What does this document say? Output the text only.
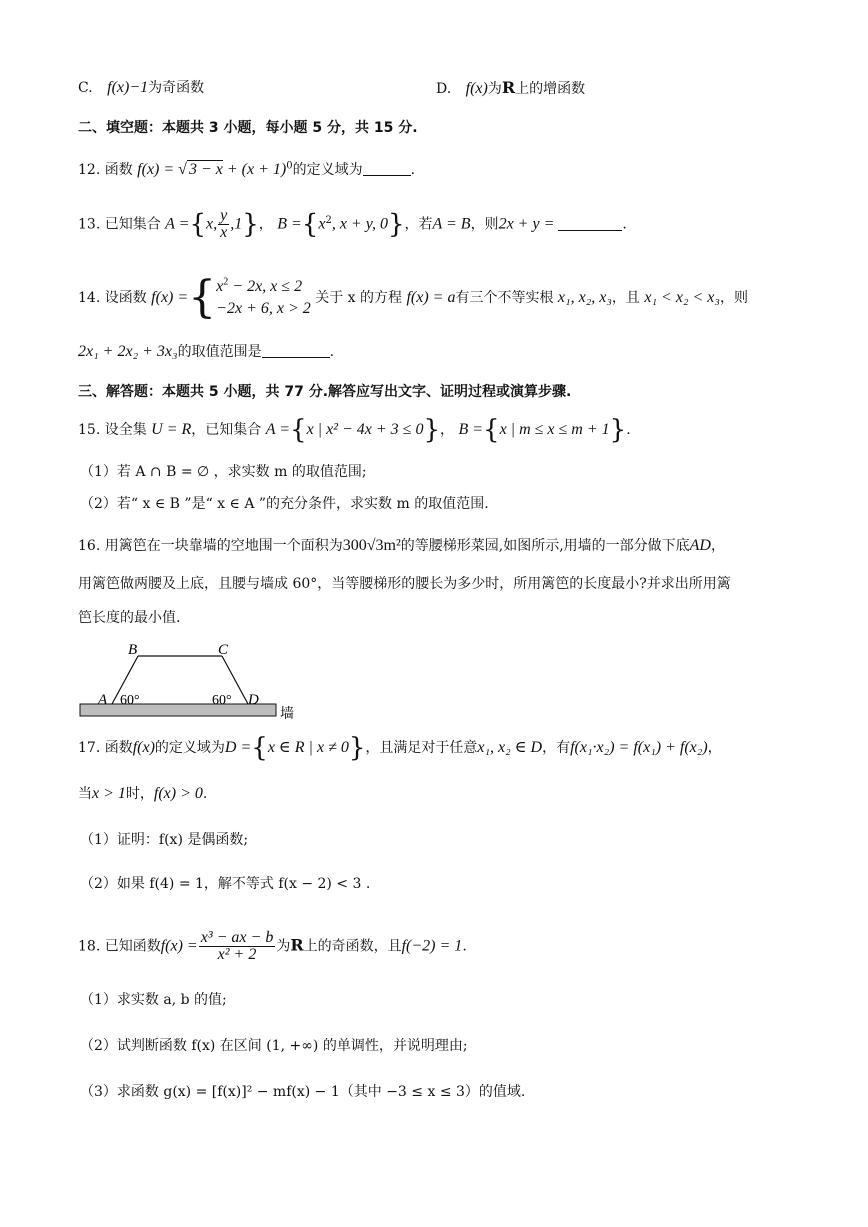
C. f(x)−1为奇函数	D. f(x)为R上的增函数
二、填空题：本题共 3 小题，每小题 5 分，共 15 分.
12. 函数 f(x) = √ $3 - x + (x + 1)^0$的定义域为	.
13. 已知集合 A ={x, $\frac{y}{x} ,1$}， $B =\{x^2$, x + y, 0}，若A = B，则2x + y =	.
14. 设函数 f(x) ={ $x^2 - 2x$, x ≤ 2
−2x + 6, x > 2
关于 x 的方程 f(x) = a有三个不等实根 x₁, x₂, x₃，且 x₁ < x₂ < x₃，则
2x₁ + 2x₂ + 3x₃的取值范围是	.
三、解答题：本题共 5 小题，共 77 分.解答应写出文字、证明过程或演算步骤.
15. 设全集 U = R，已知集合 A ={x | x² − 4x + 3 ≤ 0}， B ={x | m ≤ x ≤ m + 1}.
（1）若 A ∩ B = ∅ ，求实数 m 的取值范围;
（2）若“ x ∈ B ”是“ x ∈ A ”的充分条件，求实数 m 的取值范围.
16. 用篱笆在一块靠墙的空地围一个面积为300√3m²的等腰梯形菜园,如图所示,用墙的一部分做下底AD，
用篱笆做两腰及上底，且腰与墙成 60°，当等腰梯形的腰长为多少时，所用篱笆的长度最小?并求出所用篱
笆长度的最小值.
B	C
A 60°	60° D
墙
17. 函数f(x)的定义域为D ={x ∈ R | x ≠ 0}，且满足对于任意x₁, x₂ ∈ D，有f(x₁·x₂) = f(x₁) + f(x₂)，
当x > 1时，f(x) > 0.
（1）证明：f(x) 是偶函数;
（2）如果 f(4) = 1，解不等式 f(x − 2) < 3 .
18. 已知函数$f(x) = \frac{\text{x³ − ax − b}}{\text{x² + 2}}$ 为R上的奇函数，且f(−2) = 1.
（1）求实数 a, b 的值;
（2）试判断函数 f(x) 在区间 (1, +∞) 的单调性，并说明理由;
（3）求函数 g(x) = [f(x)]² − mf(x) − 1（其中 −3 ≤ x ≤ 3）的值域.
